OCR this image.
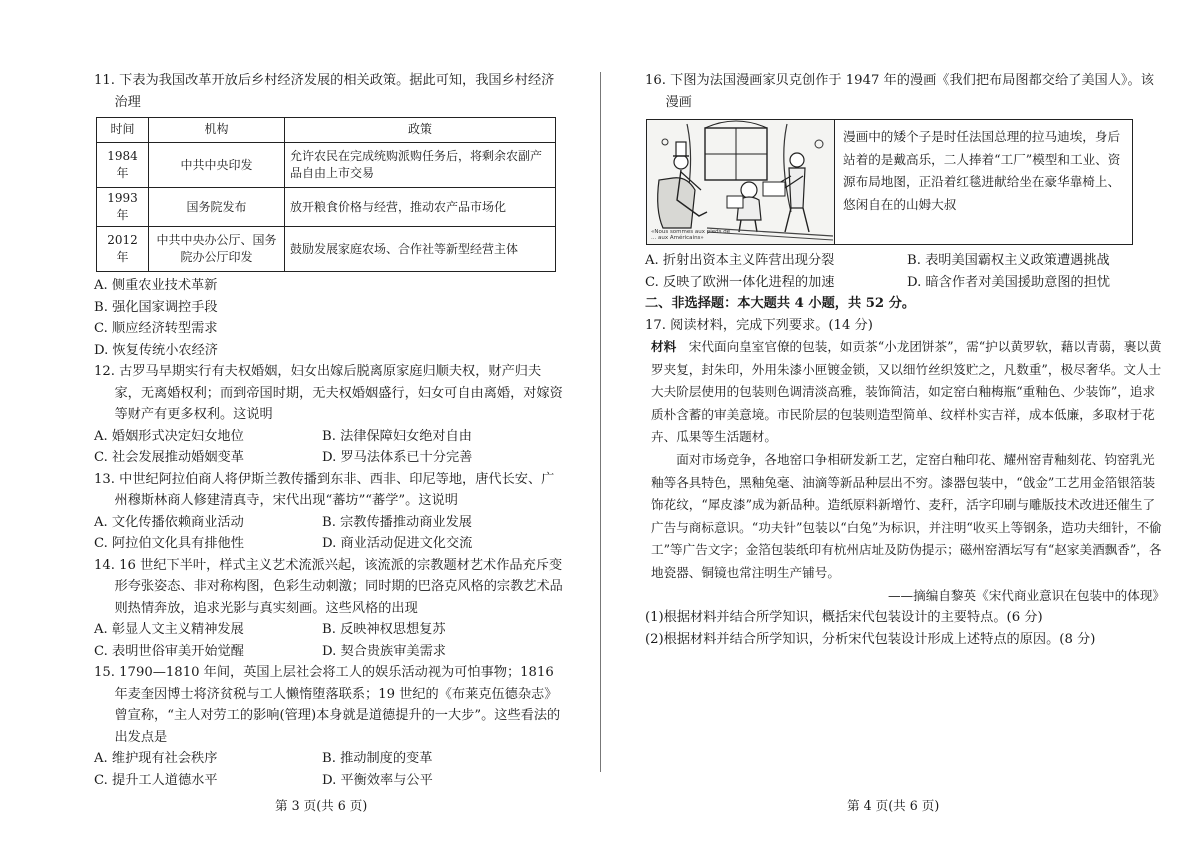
11. 下表为我国改革开放后乡村经济发展的相关政策。据此可知，我国乡村经济治理

时间	机构	政策
1984 年	中共中央印发	允许农民在完成统购派购任务后，将剩余农副产品自由上市交易
1993 年	国务院发布	放开粮食价格与经营，推动农产品市场化
2012 年	中共中央办公厅、国务院办公厅印发	鼓励发展家庭农场、合作社等新型经营主体

A. 侧重农业技术革新

B. 强化国家调控手段

C. 顺应经济转型需求

D. 恢复传统小农经济

12. 古罗马早期实行有夫权婚姻，妇女出嫁后脱离原家庭归顺夫权，财产归夫家，无离婚权利；而到帝国时期，无夫权婚姻盛行，妇女可自由离婚，对嫁资等财产有更多权利。这说明

A. 婚姻形式决定妇女地位	B. 法律保障妇女绝对自由

C. 社会发展推动婚姻变革	D. 罗马法体系已十分完善

13. 中世纪阿拉伯商人将伊斯兰教传播到东非、西非、印尼等地，唐代长安、广州穆斯林商人修建清真寺，宋代出现“蕃坊”“蕃学”。这说明

A. 文化传播依赖商业活动	B. 宗教传播推动商业发展

C. 阿拉伯文化具有排他性	D. 商业活动促进文化交流

14. 16 世纪下半叶，样式主义艺术流派兴起，该流派的宗教题材艺术作品充斥变形夸张姿态、非对称构图，色彩生动刺激；同时期的巴洛克风格的宗教艺术品则热情奔放，追求光影与真实刻画。这些风格的出现

A. 彰显人文主义精神发展	B. 反映神权思想复苏

C. 表明世俗审美开始觉醒	D. 契合贵族审美需求

15. 1790—1810 年间，英国上层社会将工人的娱乐活动视为可怕事物；1816 年麦奎因博士将济贫税与工人懒惰堕落联系；19 世纪的《布莱克伍德杂志》曾宣称，“主人对劳工的影响(管理)本身就是道德提升的一大步”。这些看法的出发点是

A. 维护现有社会秩序	B. 推动制度的变革

C. 提升工人道德水平	D. 平衡效率与公平

第 3 页(共 6 页)

16. 下图为法国漫画家贝克创作于 1947 年的漫画《我们把布局图都交给了美国人》。该漫画

«Nous sommes aux pieds de ... aux Américains»
漫画中的矮个子是时任法国总理的拉马迪埃，身后站着的是戴高乐，二人捧着“工厂”模型和工业、资源布局地图，正沿着红毯进献给坐在豪华靠椅上、悠闲自在的山姆大叔

A. 折射出资本主义阵营出现分裂	B. 表明美国霸权主义政策遭遇挑战

C. 反映了欧洲一体化进程的加速	D. 暗含作者对美国援助意图的担忧

二、非选择题：本大题共 4 小题，共 52 分。

17. 阅读材料，完成下列要求。(14 分)

材料　 宋代面向皇室官僚的包装，如贡茶“小龙团饼茶”，需“护以黄罗软，藉以青蒻，裹以黄罗夹复，封朱印，外用朱漆小匣镀金锁，又以细竹丝织笈贮之，凡数重”，极尽奢华。文人士大夫阶层使用的包装则色调清淡高雅，装饰简洁，如定窑白釉梅瓶“重釉色、少装饰”，追求质朴含蓄的审美意境。市民阶层的包装则造型简单、纹样朴实吉祥，成本低廉，多取材于花卉、瓜果等生活题材。

面对市场竞争，各地窑口争相研发新工艺，定窑白釉印花、耀州窑青釉刻花、钧窑乳光釉等各具特色，黑釉兔毫、油滴等新品种层出不穷。漆器包装中，“戗金”工艺用金箔银箔装饰花纹，“犀皮漆”成为新品种。造纸原料新增竹、麦秆，活字印刷与雕版技术改进还催生了广告与商标意识。“功夫针”包装以“白兔”为标识，并注明“收买上等钢条，造功夫细针，不偷工”等广告文字；金箔包装纸印有杭州店址及防伪提示；磁州窑酒坛写有“赵家美酒飘香”，各地瓷器、铜镜也常注明生产铺号。

——摘编自黎英《宋代商业意识在包装中的体现》

(1)根据材料并结合所学知识，概括宋代包装设计的主要特点。(6 分)

(2)根据材料并结合所学知识，分析宋代包装设计形成上述特点的原因。(8 分)

第 4 页(共 6 页)
